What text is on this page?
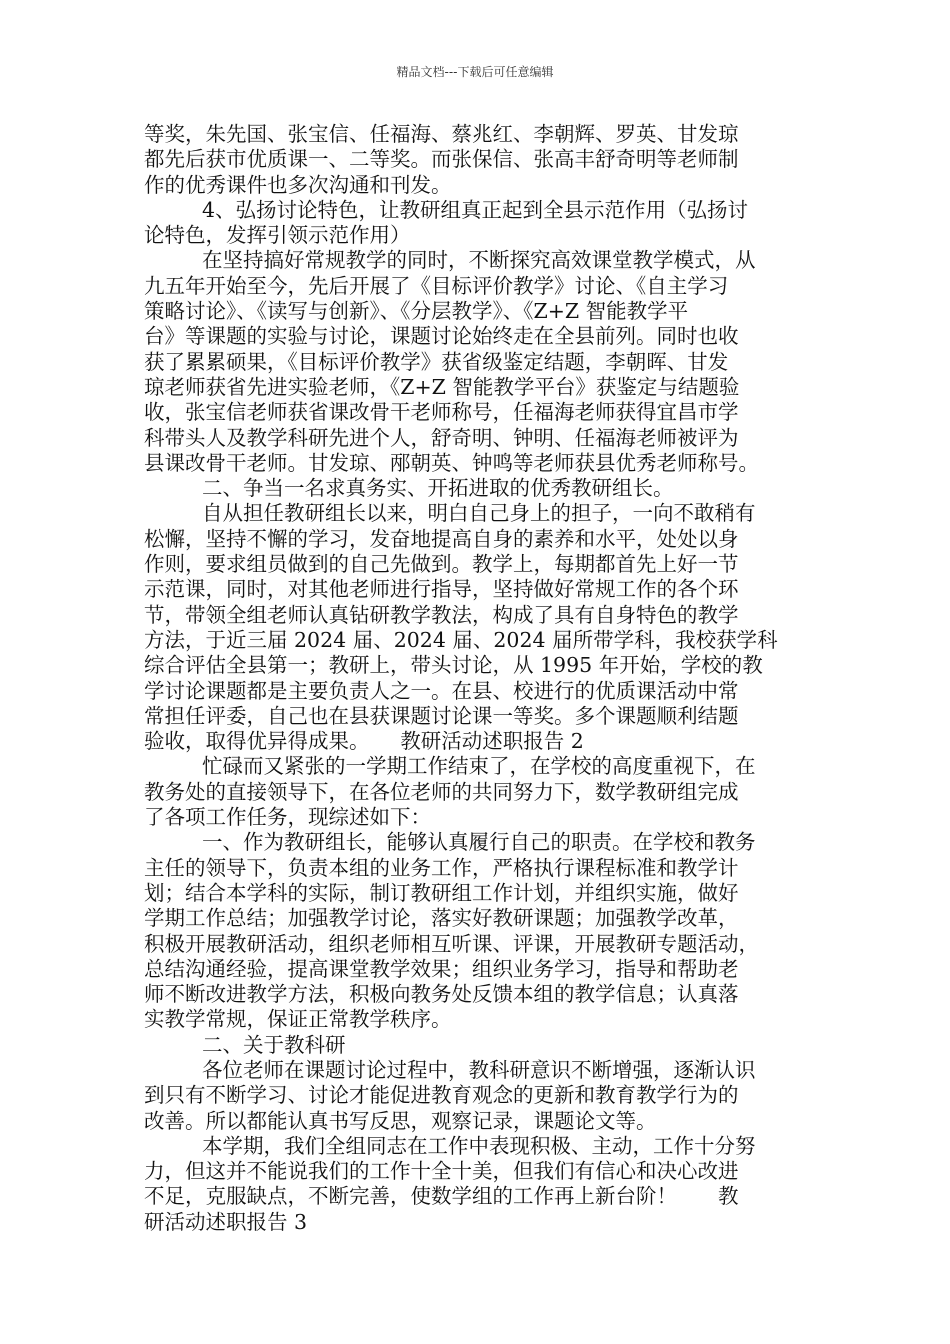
精品文档---下载后可任意编辑
等奖，朱先国、张宝信、任福海、蔡兆红、李朝辉、罗英、甘发琼
都先后获市优质课一、二等奖。而张保信、张高丰舒奇明等老师制
作的优秀课件也多次沟通和刊发。
4、弘扬讨论特色，让教研组真正起到全县示范作用（弘扬讨
论特色，发挥引领示范作用）
在坚持搞好常规教学的同时，不断探究高效课堂教学模式，从
九五年开始至今，先后开展了《目标评价教学》讨论、《自主学习
策略讨论》、《读写与创新》、《分层教学》、《Z+Z 智能教学平
台》等课题的实验与讨论，课题讨论始终走在全县前列。同时也收
获了累累硕果，《目标评价教学》获省级鉴定结题，李朝晖、甘发
琼老师获省先进实验老师，《Z+Z 智能教学平台》获鉴定与结题验
收，张宝信老师获省课改骨干老师称号，任福海老师获得宜昌市学
科带头人及教学科研先进个人，舒奇明、钟明、任福海老师被评为
县课改骨干老师。甘发琼、邴朝英、钟鸣等老师获县优秀老师称号。
二、争当一名求真务实、开拓进取的优秀教研组长。
自从担任教研组长以来，明白自己身上的担子，一向不敢稍有
松懈，坚持不懈的学习，发奋地提高自身的素养和水平，处处以身
作则，要求组员做到的自己先做到。教学上，每期都首先上好一节
示范课，同时，对其他老师进行指导，坚持做好常规工作的各个环
节，带领全组老师认真钻研教学教法，构成了具有自身特色的教学
方法，于近三届 2024 届、2024 届、2024 届所带学科，我校获学科
综合评估全县第一；教研上，带头讨论，从 1995 年开始，学校的教
学讨论课题都是主要负责人之一。在县、校进行的优质课活动中常
常担任评委，自己也在县获课题讨论课一等奖。多个课题顺利结题
验收，取得优异得成果。　　教研活动述职报告 2
忙碌而又紧张的一学期工作结束了，在学校的高度重视下，在
教务处的直接领导下，在各位老师的共同努力下，数学教研组完成
了各项工作任务，现综述如下：
一、作为教研组长，能够认真履行自己的职责。在学校和教务
主任的领导下，负责本组的业务工作，严格执行课程标准和教学计
划；结合本学科的实际，制订教研组工作计划，并组织实施，做好
学期工作总结；加强教学讨论，落实好教研课题；加强教学改革，
积极开展教研活动，组织老师相互听课、评课，开展教研专题活动，
总结沟通经验，提高课堂教学效果；组织业务学习，指导和帮助老
师不断改进教学方法，积极向教务处反馈本组的教学信息；认真落
实教学常规，保证正常教学秩序。
二、关于教科研
各位老师在课题讨论过程中，教科研意识不断增强，逐渐认识
到只有不断学习、讨论才能促进教育观念的更新和教育教学行为的
改善。所以都能认真书写反思，观察记录，课题论文等。
本学期，我们全组同志在工作中表现积极、主动，工作十分努
力，但这并不能说我们的工作十全十美，但我们有信心和决心改进
不足，克服缺点，不断完善，使数学组的工作再上新台阶！　　教
研活动述职报告 3
